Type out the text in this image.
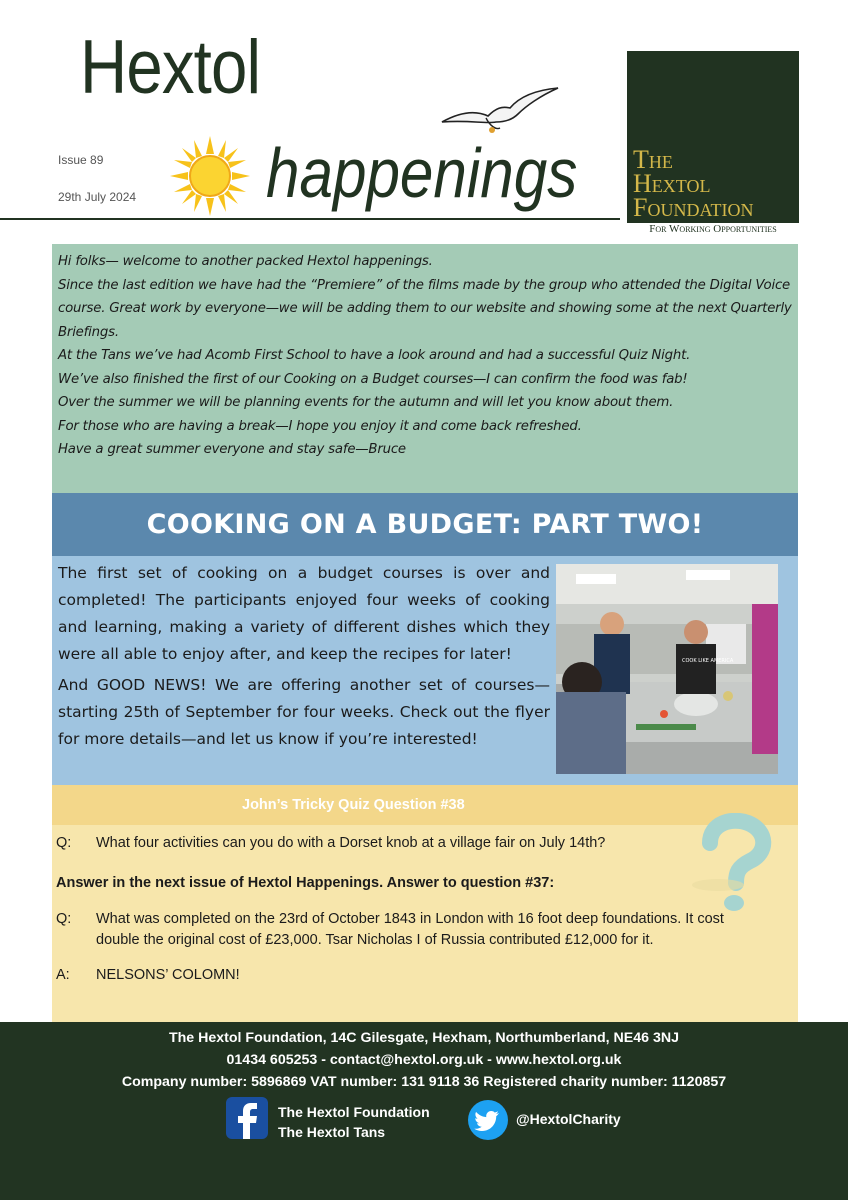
Hextol
Issue 89
29th July 2024 happenings The
Hextol
Foundation
For Working Opportunities

Hi folks— welcome to another packed Hextol happenings.

Since the last edition we have had the “Premiere” of the films made by the group who attended the Digital Voice course. Great work by everyone—we will be adding them to our website and showing some at the next Quarterly Briefings.

At the Tans we’ve had Acomb First School to have a look around and had a successful Quiz Night.

We’ve also finished the first of our Cooking on a Budget courses—I can confirm the food was fab!

Over the summer we will be planning events for the autumn and will let you know about them.

For those who are having a break—I hope you enjoy it and come back refreshed.

Have a great summer everyone and stay safe—Bruce

COOKING ON A BUDGET: PART TWO!

The first set of cooking on a budget courses is over and completed! The participants enjoyed four weeks of cooking and learning, making a variety of different dishes which they were all able to enjoy after, and keep the recipes for later!

And GOOD NEWS! We are offering another set of courses—starting 25th of September for four weeks. Check out the flyer for more details—and let us know if you’re interested!

COOK LIKE AMERICA
John’s Tricky Quiz Question #38
Q: What four activities can you do with a Dorset knob at a village fair on July 14th?
Answer in the next issue of Hextol Happenings. Answer to question #37:
Q: What was completed on the 23rd of October 1843 in London with 16 foot deep foundations. It cost double the original cost of £23,000. Tsar Nicholas I of Russia contributed £12,000 for it.
A: NELSONS’ COLOMN!
The Hextol Foundation, 14C Gilesgate, Hexham, Northumberland, NE46 3NJ
01434 605253 - contact@hextol.org.uk - www.hextol.org.uk
Company number: 5896869 VAT number: 131 9118 36 Registered charity number: 1120857
The Hextol Foundation
The Hextol Tans
@HextolCharity
